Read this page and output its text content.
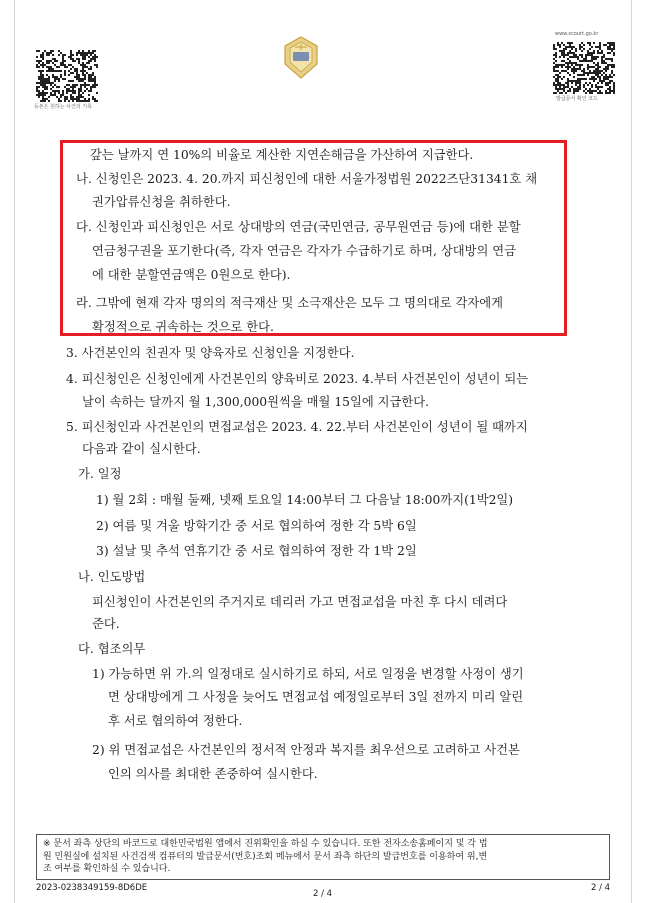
등본은 원하는 사건의 기록
www.scourt.go.kr
발급문서 확인 코드
갚는 날까지 연 10%의 비율로 계산한 지연손해금을 가산하여 지급한다.
나. 신청인은 2023. 4. 20.까지 피신청인에 대한 서울가정법원 2022즈단31341호 채
권가압류신청을 취하한다.
다. 신청인과 피신청인은 서로 상대방의 연금(국민연금, 공무원연금 등)에 대한 분할
연금청구권을 포기한다(즉, 각자 연금은 각자가 수급하기로 하며, 상대방의 연금
에 대한 분할연금액은 0원으로 한다).
라. 그밖에 현재 각자 명의의 적극재산 및 소극재산은 모두 그 명의대로 각자에게
확정적으로 귀속하는 것으로 한다.
3. 사건본인의 친권자 및 양육자로 신청인을 지정한다.
4. 피신청인은 신청인에게 사건본인의 양육비로 2023. 4.부터 사건본인이 성년이 되는
날이 속하는 달까지 월 1,300,000원씩을 매월 15일에 지급한다.
5. 피신청인과 사건본인의 면접교섭은 2023. 4. 22.부터 사건본인이 성년이 될 때까지
다음과 같이 실시한다.
가. 일정
1) 월 2회 : 매월 둘째, 넷째 토요일 14:00부터 그 다음날 18:00까지(1박2일)
2) 여름 및 겨울 방학기간 중 서로 협의하여 정한 각 5박 6일
3) 설날 및 추석 연휴기간 중 서로 협의하여 정한 각 1박 2일
나. 인도방법
피신청인이 사건본인의 주거지로 데리러 가고 면접교섭을 마친 후 다시 데려다
준다.
다. 협조의무
1) 가능하면 위 가.의 일정대로 실시하기로 하되, 서로 일정을 변경할 사정이 생기
면 상대방에게 그 사정을 늦어도 면접교섭 예정일로부터 3일 전까지 미리 알린
후 서로 협의하여 정한다.
2) 위 면접교섭은 사건본인의 정서적 안정과 복지를 최우선으로 고려하고 사건본
인의 의사를 최대한 존중하여 실시한다.
※ 문서 좌측 상단의 바코드로 대한민국법원 앱에서 진위확인을 하실 수 있습니다. 또한 전자소송홈페이지 및 각 법
원 민원실에 설치된 사건검색 컴퓨터의 발급문서(번호)조회 메뉴에서 문서 좌측 하단의 발급번호를 이용하여 위,변
조 여부를 확인하실 수 있습니다.
2023-0238349159-8D6DE
2 / 4
2 / 4
